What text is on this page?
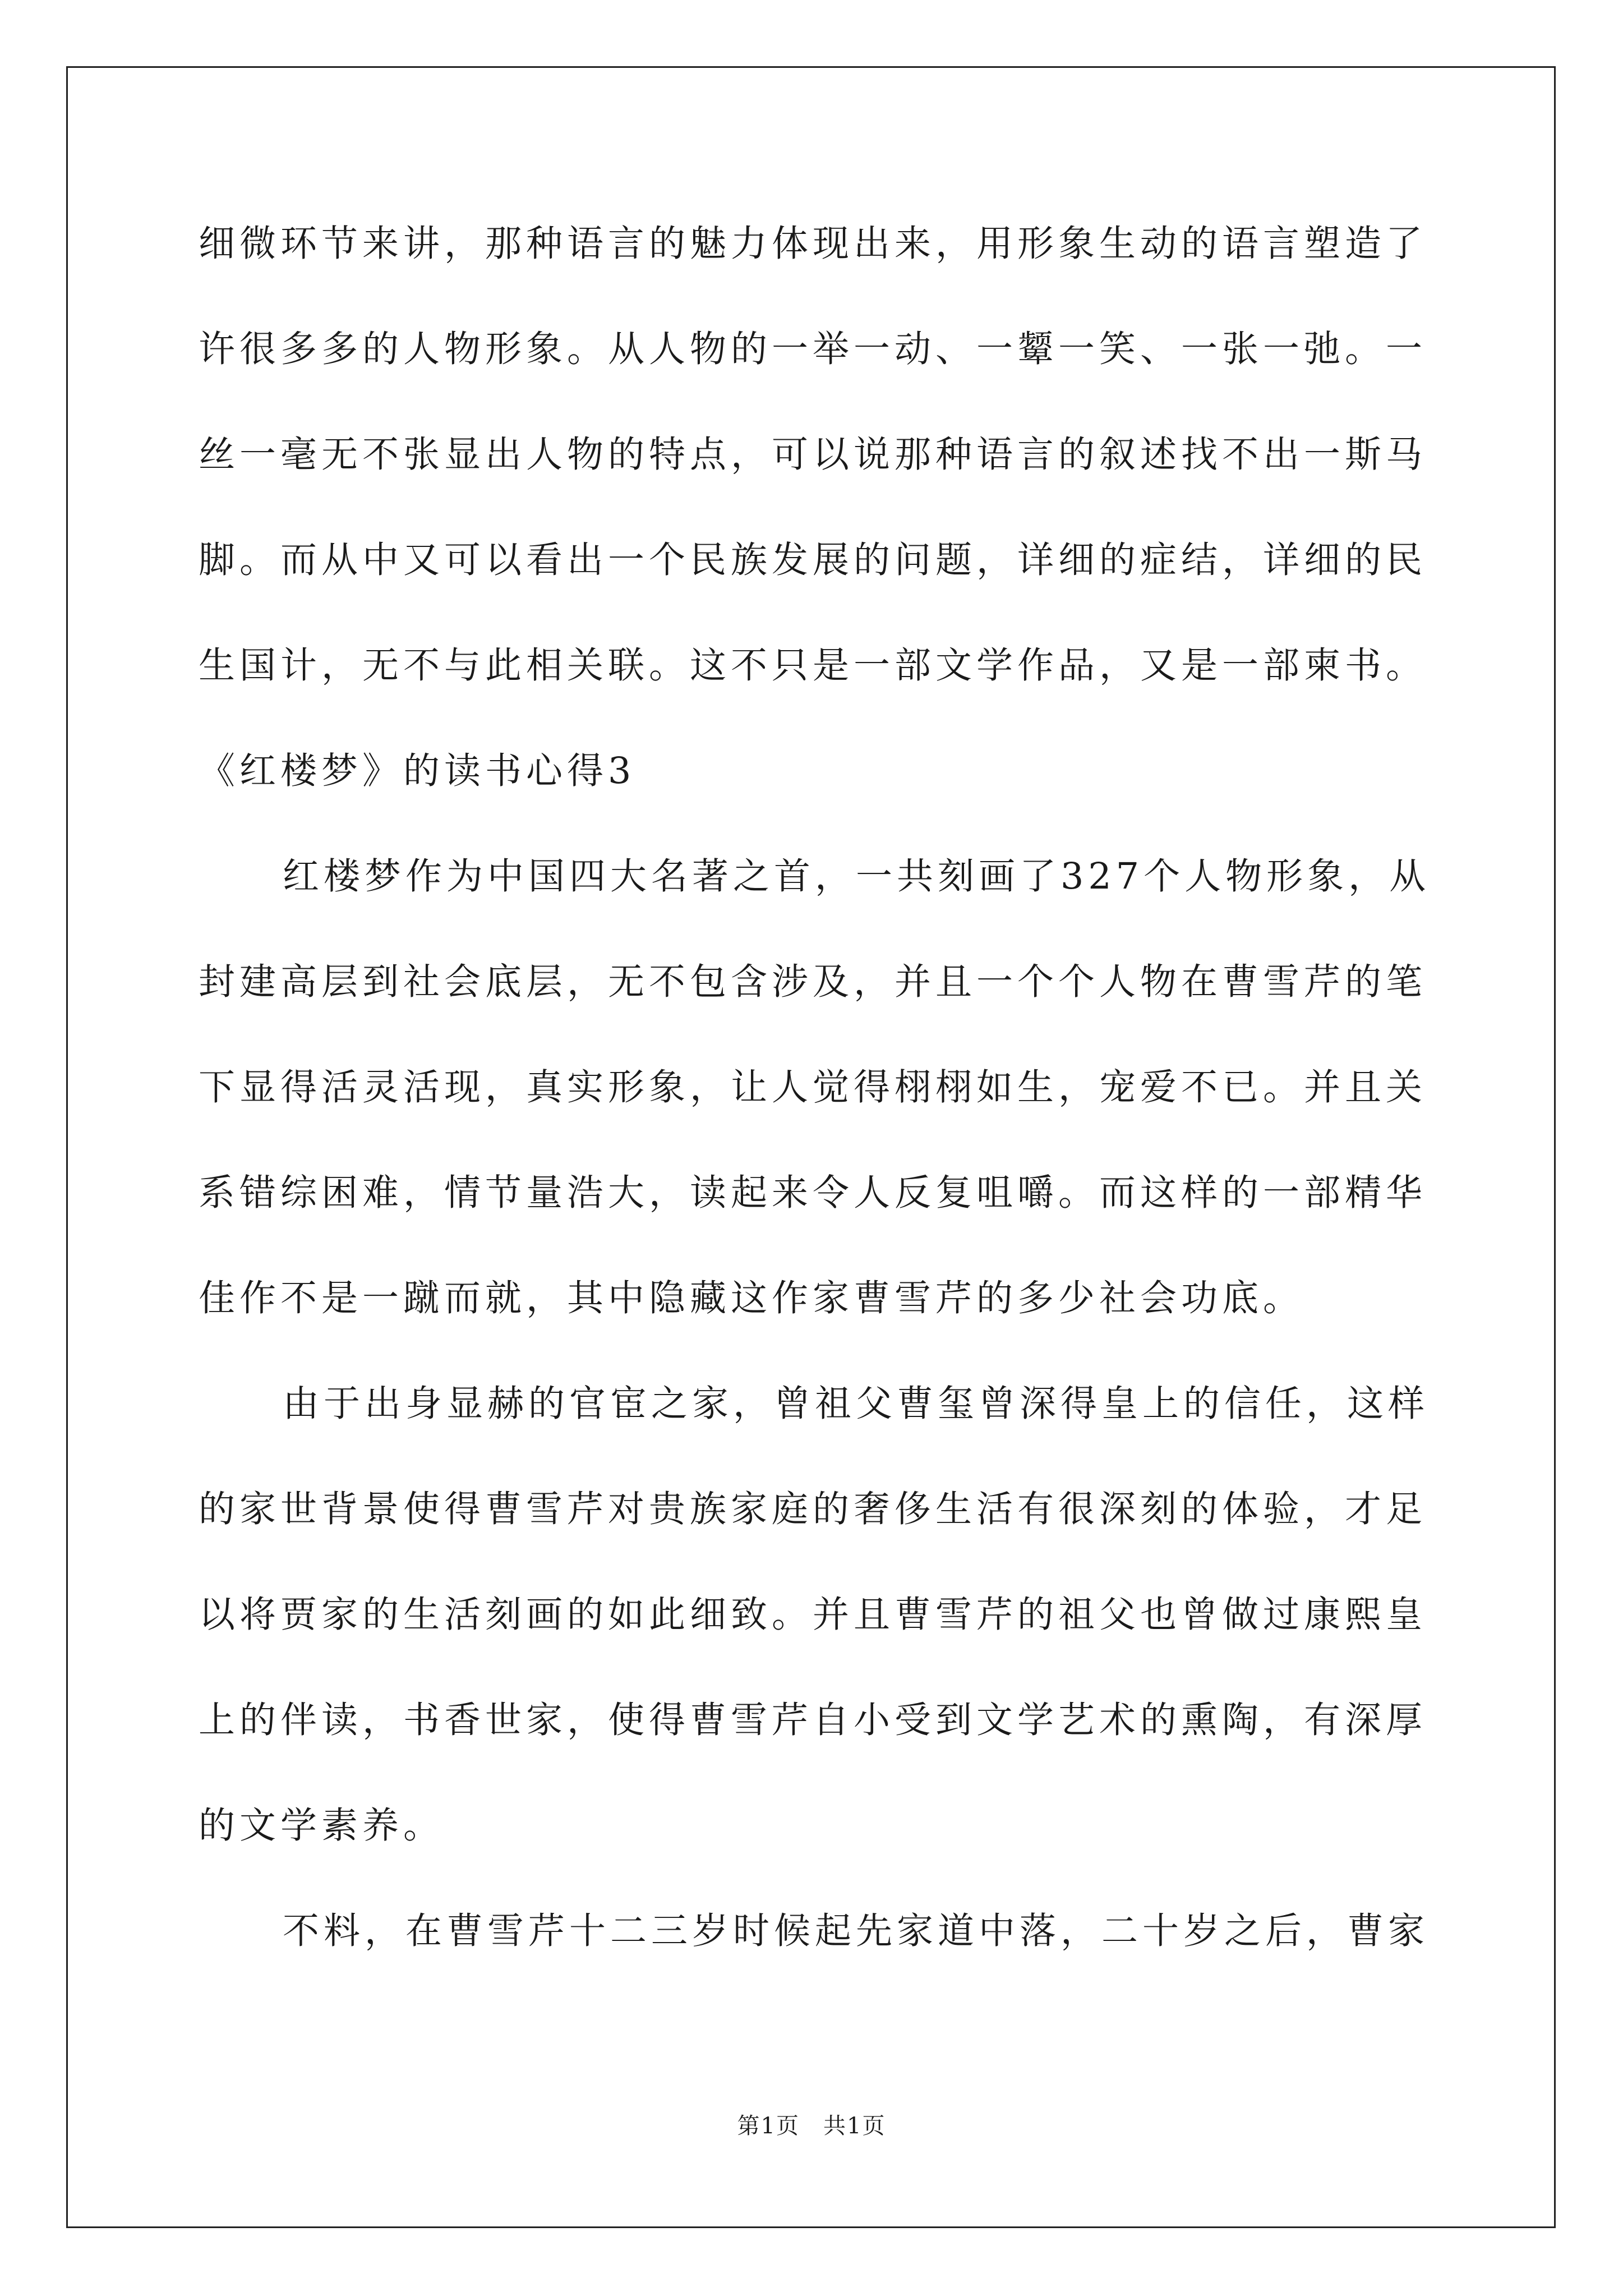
细微环节来讲，那种语言的魅力体现出来，用形象生动的语言塑造了
许很多多的人物形象。从人物的一举一动、一颦一笑、一张一弛。一
丝一毫无不张显出人物的特点，可以说那种语言的叙述找不出一斯马
脚。而从中又可以看出一个民族发展的问题，详细的症结，详细的民
生国计，无不与此相关联。这不只是一部文学作品，又是一部柬书。
《红楼梦》的读书心得3
红楼梦作为中国四大名著之首，一共刻画了327个人物形象，从
封建高层到社会底层，无不包含涉及，并且一个个人物在曹雪芹的笔
下显得活灵活现，真实形象，让人觉得栩栩如生，宠爱不已。并且关
系错综困难，情节量浩大，读起来令人反复咀嚼。而这样的一部精华
佳作不是一蹴而就，其中隐藏这作家曹雪芹的多少社会功底。
由于出身显赫的官宦之家，曾祖父曹玺曾深得皇上的信任，这样
的家世背景使得曹雪芹对贵族家庭的奢侈生活有很深刻的体验，才足
以将贾家的生活刻画的如此细致。并且曹雪芹的祖父也曾做过康熙皇
上的伴读，书香世家，使得曹雪芹自小受到文学艺术的熏陶，有深厚
的文学素养。
不料，在曹雪芹十二三岁时候起先家道中落，二十岁之后，曹家
第1页　共1页
